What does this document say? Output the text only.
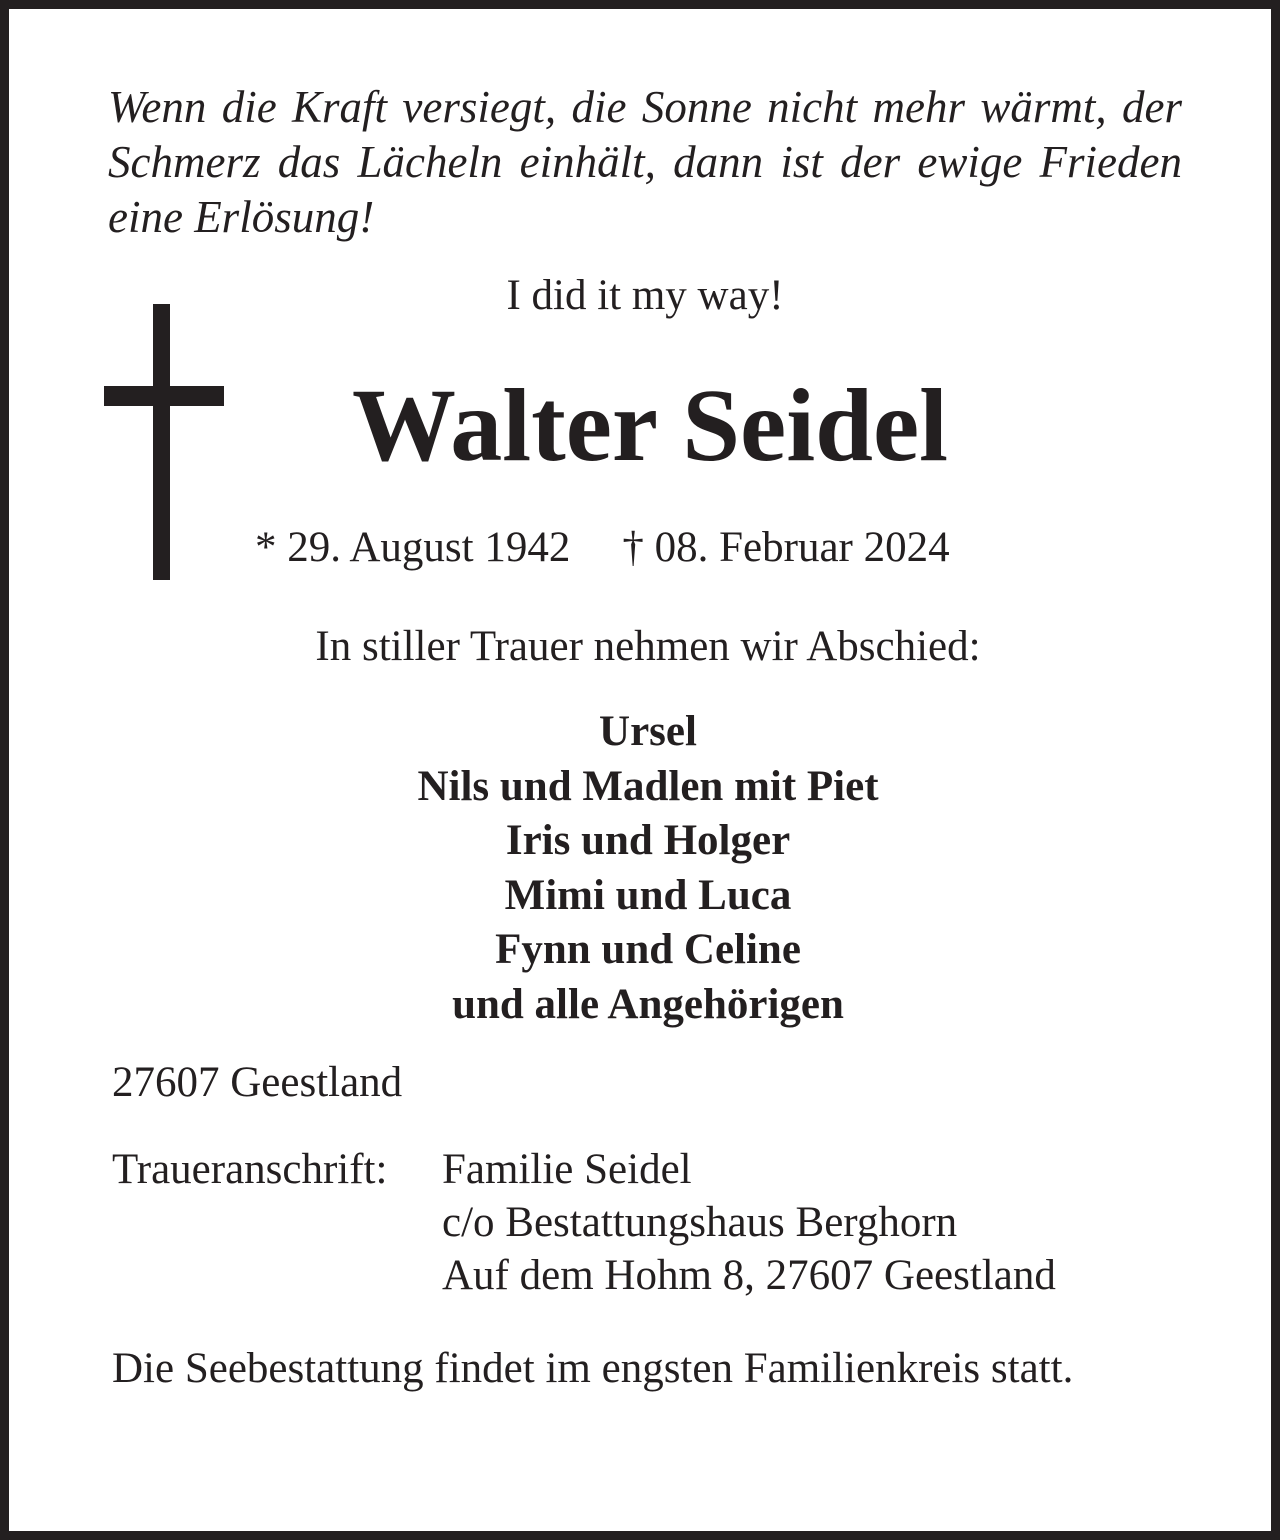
Wenn die Kraft versiegt, die Sonne nicht mehr wärmt, der Schmerz das Lächeln einhält, dann ist der ewige Frieden eine Erlösung!

I did it my way!

Walter Seidel

* 29. August 1942 † 08. Februar 2024

In stiller Trauer nehmen wir Abschied:

Ursel
Nils und Madlen mit Piet
Iris und Holger
Mimi und Luca
Fynn und Celine
und alle Angehörigen

27607 Geestland

Traueranschrift:	Familie Seidel
c/o Bestattungshaus Berghorn
Auf dem Hohm 8, 27607 Geestland

Die Seebestattung findet im engsten Familienkreis statt.
